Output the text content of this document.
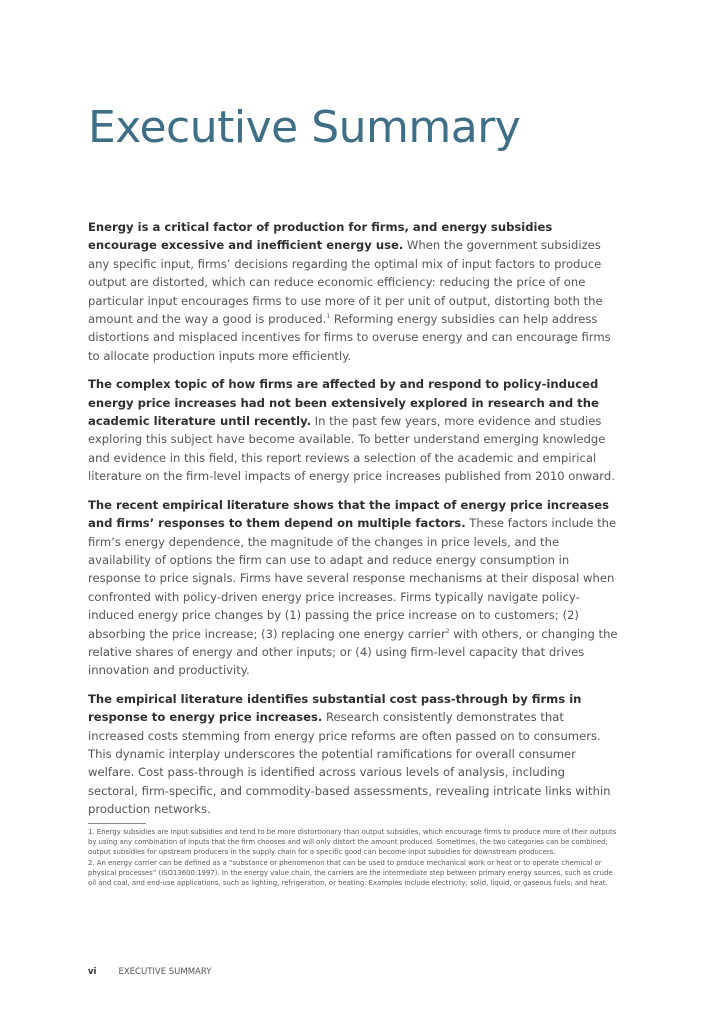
Executive Summary

Energy is a critical factor of production for firms, and energy subsidies encourage excessive and inefficient energy use. When the government subsidizes any specific input, firms’ decisions regarding the optimal mix of input factors to produce output are distorted, which can reduce economic efficiency: reducing the price of one particular input encourages firms to use more of it per unit of output, distorting both the amount and the way a good is produced.$^1$ Reforming energy subsidies can help address distortions and misplaced incentives for firms to overuse energy and can encourage firms to allocate production inputs more efficiently.

The complex topic of how firms are affected by and respond to policy-induced energy price increases had not been extensively explored in research and the academic literature until recently. In the past few years, more evidence and studies exploring this subject have become available. To better understand emerging knowledge and evidence in this field, this report reviews a selection of the academic and empirical literature on the firm-level impacts of energy price increases published from 2010 onward.

The recent empirical literature shows that the impact of energy price increases and firms’ responses to them depend on multiple factors. These factors include the firm’s energy dependence, the magnitude of the changes in price levels, and the availability of options the firm can use to adapt and reduce energy consumption in response to price signals. Firms have several response mechanisms at their disposal when confronted with policy-driven energy price increases. Firms typically navigate policy-induced energy price changes by (1) passing the price increase on to customers; (2) absorbing the price increase; (3) replacing one energy carrier$^2$ with others, or changing the relative shares of energy and other inputs; or (4) using firm-level capacity that drives innovation and productivity.

The empirical literature identifies substantial cost pass-through by firms in response to energy price increases. Research consistently demonstrates that increased costs stemming from energy price reforms are often passed on to consumers. This dynamic interplay underscores the potential ramifications for overall consumer welfare. Cost pass-through is identified across various levels of analysis, including sectoral, firm-specific, and commodity-based assessments, revealing intricate links within production networks.

1. Energy subsidies are input subsidies and tend to be more distortionary than output subsidies, which encourage firms to produce more of their outputs by using any combination of inputs that the firm chooses and will only distort the amount produced. Sometimes, the two categories can be combined; output subsidies for upstream producers in the supply chain for a specific good can become input subsidies for downstream producers.

2. An energy carrier can be defined as a “substance or phenomenon that can be used to produce mechanical work or heat or to operate chemical or physical processes” (ISO13600:1997). In the energy value chain, the carriers are the intermediate step between primary energy sources, such as crude oil and coal, and end-use applications, such as lighting, refrigeration, or heating. Examples include electricity; solid, liquid, or gaseous fuels; and heat.

vi	EXECUTIVE SUMMARY
